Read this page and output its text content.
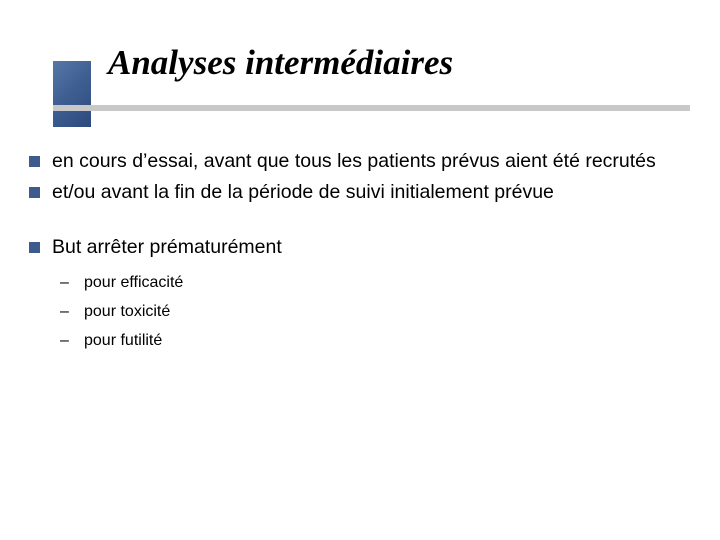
Analyses intermédiaires
en cours d’essai, avant que tous les patients prévus aient été recrutés
et/ou avant la fin de la période de suivi initialement prévue
But arrêter prématurément
– pour efficacité
– pour toxicité
– pour futilité
